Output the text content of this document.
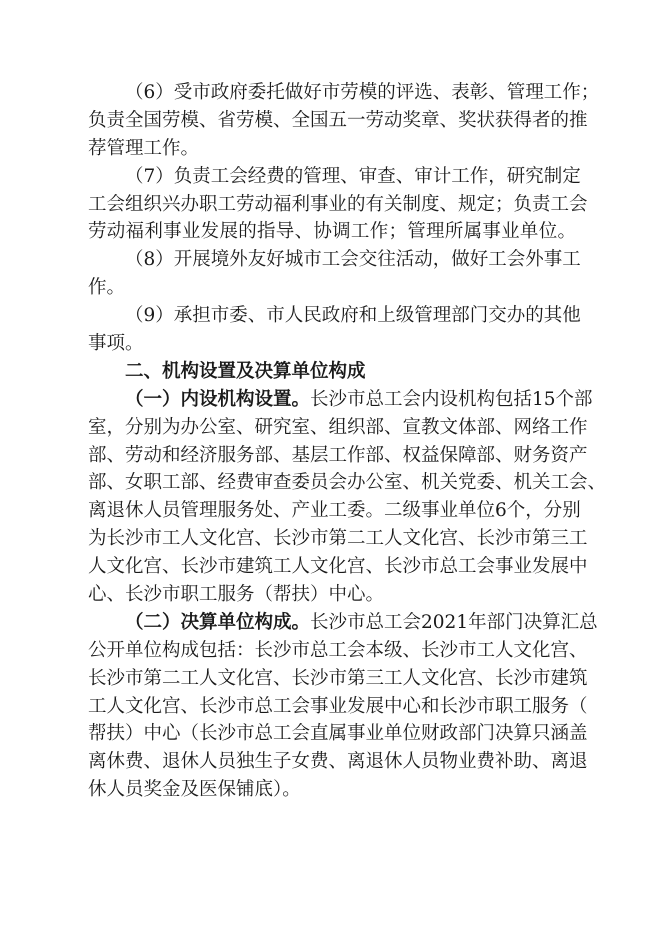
（6）受市政府委托做好市劳模的评选、表彰、管理工作；
负责全国劳模、省劳模、全国五一劳动奖章、奖状获得者的推
荐管理工作。
（7）负责工会经费的管理、审查、审计工作，研究制定
工会组织兴办职工劳动福利事业的有关制度、规定；负责工会
劳动福利事业发展的指导、协调工作；管理所属事业单位。
（8）开展境外友好城市工会交往活动，做好工会外事工
作。
（9）承担市委、市人民政府和上级管理部门交办的其他
事项。
二、机构设置及决算单位构成
（一）内设机构设置。长沙市总工会内设机构包括15个部
室，分别为办公室、研究室、组织部、宣教文体部、网络工作
部、劳动和经济服务部、基层工作部、权益保障部、财务资产
部、女职工部、经费审查委员会办公室、机关党委、机关工会、
离退休人员管理服务处、产业工委。二级事业单位6个，分别
为长沙市工人文化宫、长沙市第二工人文化宫、长沙市第三工
人文化宫、长沙市建筑工人文化宫、长沙市总工会事业发展中
心、长沙市职工服务（帮扶）中心。
（二）决算单位构成。长沙市总工会2021年部门决算汇总
公开单位构成包括：长沙市总工会本级、长沙市工人文化宫、
长沙市第二工人文化宫、长沙市第三工人文化宫、长沙市建筑
工人文化宫、长沙市总工会事业发展中心和长沙市职工服务（
帮扶）中心（长沙市总工会直属事业单位财政部门决算只涵盖
离休费、退休人员独生子女费、离退休人员物业费补助、离退
休人员奖金及医保铺底）。
